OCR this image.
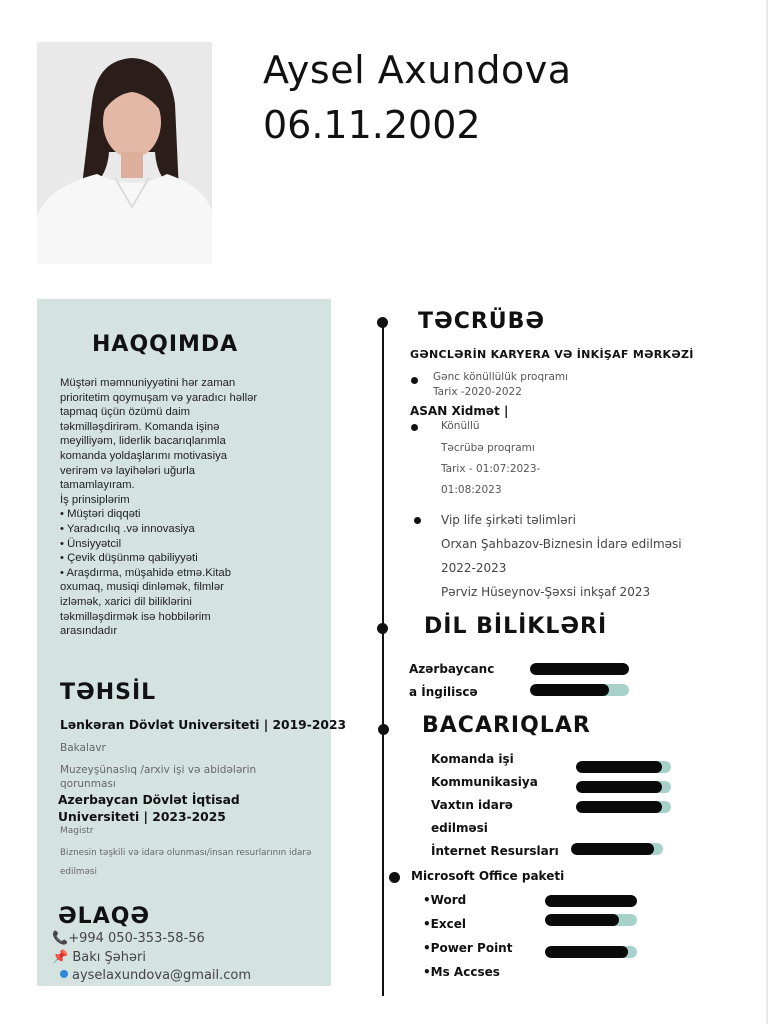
Aysel Axundova
06.11.2002
HAQQIMDA
Müştəri məmnuniyyətini hər zaman
prioritetim qoymuşam və yaradıcı həllər
tapmaq üçün özümü daim
təkmilləşdirirəm. Komanda işinə
meyilliyəm, liderlik bacarıqlarımla
komanda yoldaşlarımı motivasiya
verirəm və layihələri uğurla
tamamlayıram.
İş prinsiplərim
• Müştəri diqqəti
• Yaradıcılıq .və innovasiya
• Ünsiyyətcil
• Çevik düşünmə qabiliyyəti
• Araşdırma, müşahidə etmə.Kitab
oxumaq, musiqi dinləmək, filmlər
izləmək, xarici dil biliklərini
təkmilləşdirmək isə hobbilərim
arasındadır
TƏHSİL
Lənkəran Dövlət Universiteti | 2019-2023
Bakalavr
Muzeyşünaslıq /arxiv işi və abidələrin qorunması
Azerbaycan Dövlət İqtisad Universiteti | 2023-2025
Magistr
Biznesin təşkili və idarə olunması/insan resurlarının idarə edilməsi
ƏLAQƏ
📞+994 050-353-58-56
📌 Bakı Şəhəri
ayselaxundova@gmail.com
TƏCRÜBƏ
GƏNCLƏRİN KARYERA VƏ İNKİŞAF MƏRKƏZİ
Gənc könüllülük proqramı
Tarix -2020-2022
ASAN Xidmət |
Könüllü
Təcrübə proqramı
Tarix - 01:07:2023-
01:08:2023
Vip life şirkəti təlimləri
Orxan Şahbazov-Biznesin İdarə edilməsi
2022-2023
Pərviz Hüseynov-Şəxsi inkşaf 2023
DİL BİLİKLƏRİ
Azərbaycanc
a İngiliscə
BACARIQLAR
Komanda işi
Kommunikasiya
Vaxtın idarə
edilməsi
İnternet Resursları
Microsoft Office paketi
•Word
•Excel
•Power Point
•Ms Accses
